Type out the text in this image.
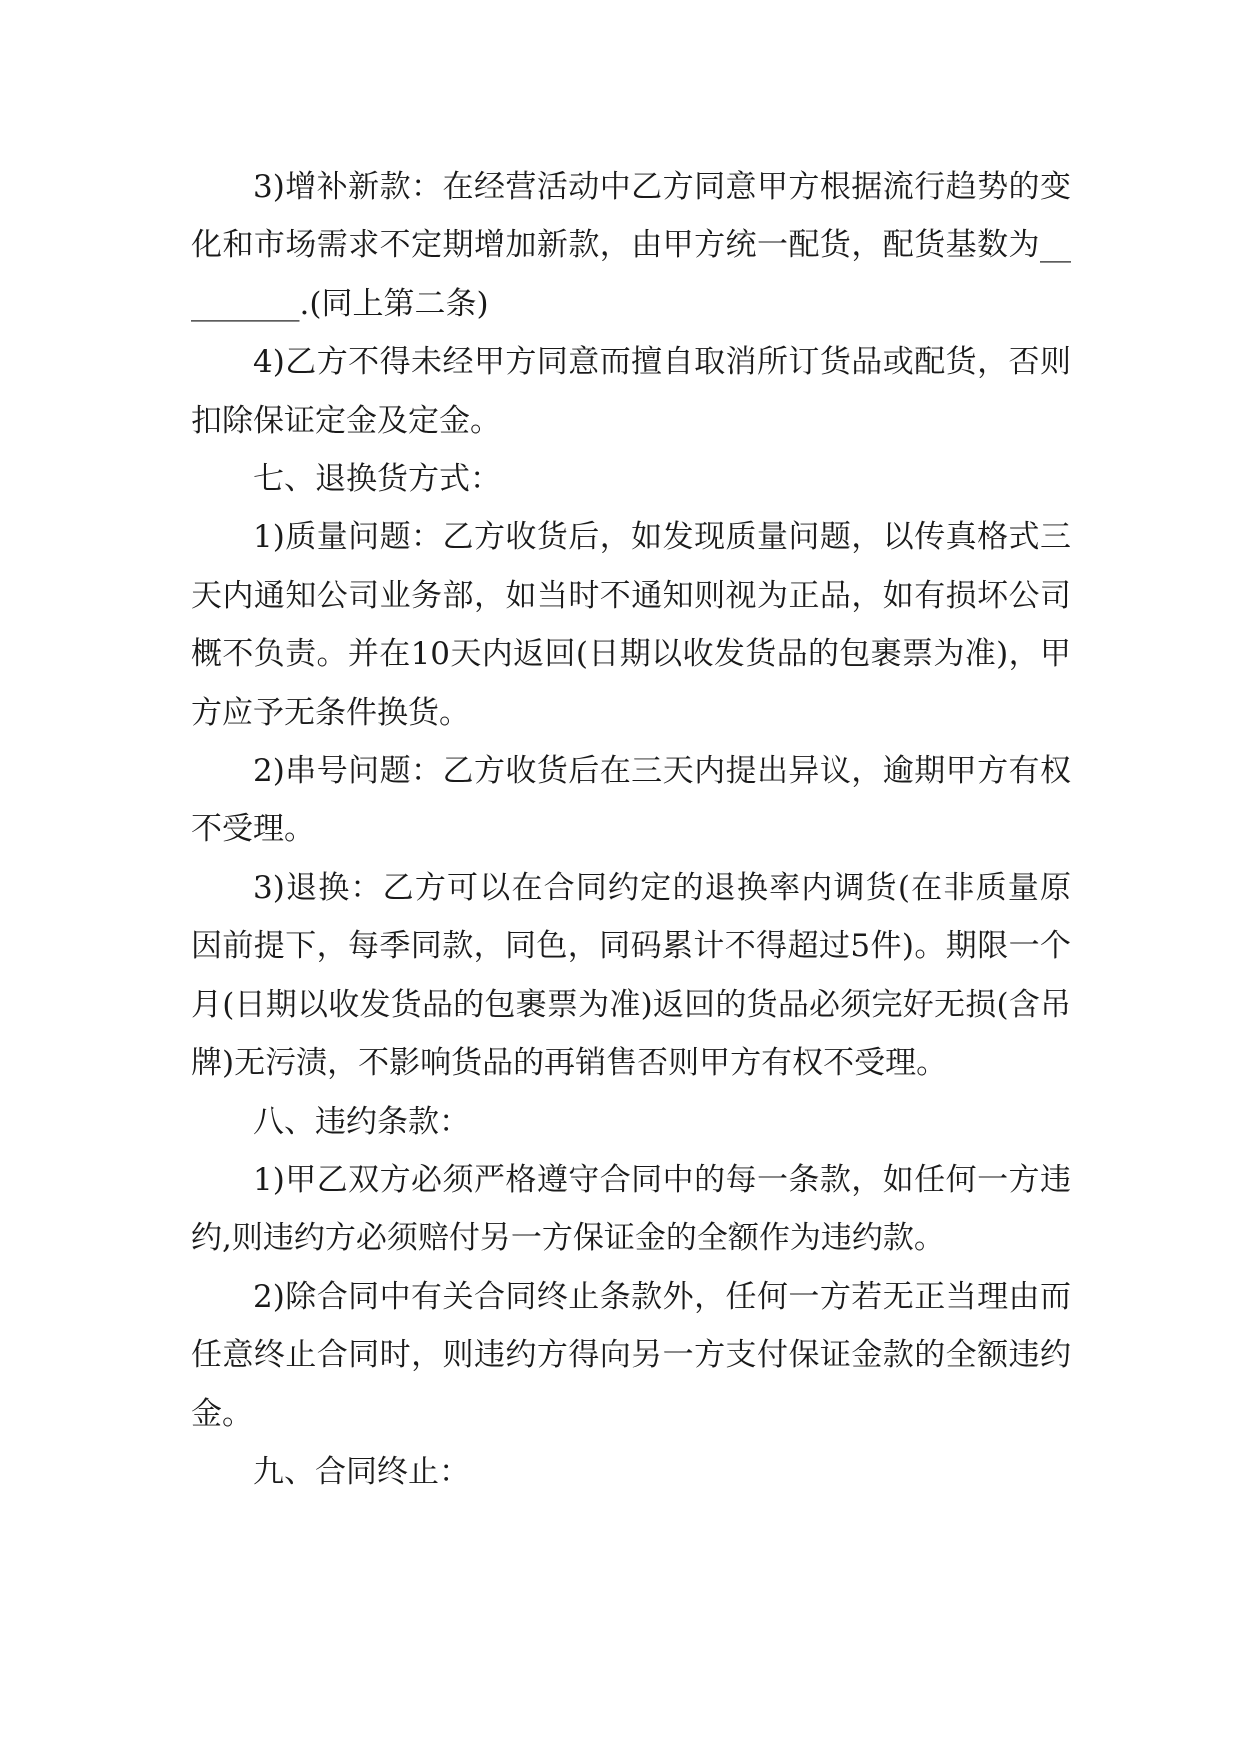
3)增补新款：在经营活动中乙方同意甲方根据流行趋势的变化和市场需求不定期增加新款，由甲方统一配货，配货基数为_________.(同上第二条)

4)乙方不得未经甲方同意而擅自取消所订货品或配货，否则扣除保证定金及定金。

七、退换货方式：

1)质量问题：乙方收货后，如发现质量问题，以传真格式三天内通知公司业务部，如当时不通知则视为正品，如有损坏公司概不负责。并在10天内返回(日期以收发货品的包裹票为准)，甲方应予无条件换货。

2)串号问题：乙方收货后在三天内提出异议，逾期甲方有权不受理。

3)退换：乙方可以在合同约定的退换率内调货(在非质量原因前提下，每季同款，同色，同码累计不得超过5件)。期限一个月(日期以收发货品的包裹票为准)返回的货品必须完好无损(含吊牌)无污渍，不影响货品的再销售否则甲方有权不受理。

八、违约条款：

1)甲乙双方必须严格遵守合同中的每一条款，如任何一方违约,则违约方必须赔付另一方保证金的全额作为违约款。

2)除合同中有关合同终止条款外，任何一方若无正当理由而任意终止合同时，则违约方得向另一方支付保证金款的全额违约金。

九、合同终止：
